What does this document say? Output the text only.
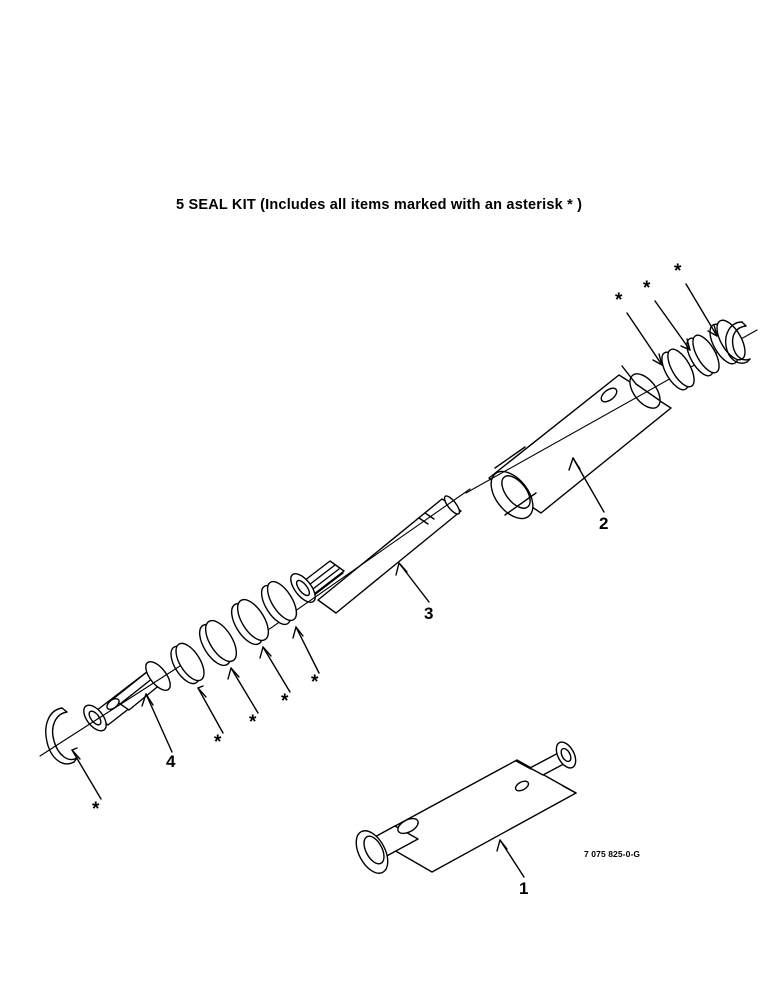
5 SEAL KIT (Includes all items marked with an asterisk * )
1
2
3
4
*
*
*
*
*
*
*
*
7 075 825-0-G
